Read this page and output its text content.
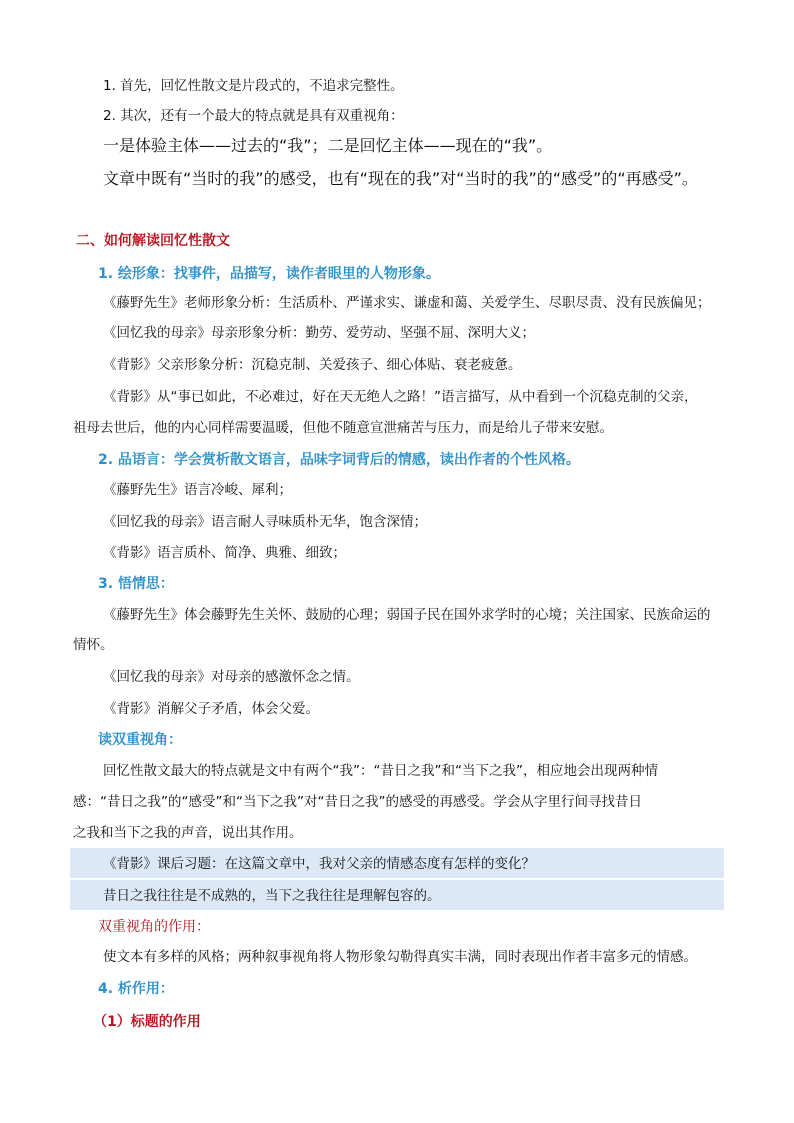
1. 首先，回忆性散文是片段式的，不追求完整性。
2. 其次，还有一个最大的特点就是具有双重视角：
一是体验主体——过去的“我”；二是回忆主体——现在的“我”。
文章中既有“当时的我”的感受，也有“现在的我”对“当时的我”的“感受”的“再感受”。
二、如何解读回忆性散文
1. 绘形象：找事件，品描写，读作者眼里的人物形象。
《藤野先生》老师形象分析：生活质朴、严谨求实、谦虚和蔼、关爱学生、尽职尽责、没有民族偏见；
《回忆我的母亲》母亲形象分析：勤劳、爱劳动、坚强不屈、深明大义；
《背影》父亲形象分析：沉稳克制、关爱孩子、细心体贴、衰老疲惫。
《背影》从“事已如此，不必难过，好在天无绝人之路！”语言描写，从中看到一个沉稳克制的父亲，
祖母去世后，他的内心同样需要温暖，但他不随意宣泄痛苦与压力，而是给儿子带来安慰。
2. 品语言：学会赏析散文语言，品味字词背后的情感，读出作者的个性风格。
《藤野先生》语言冷峻、犀利；
《回忆我的母亲》语言耐人寻味质朴无华，饱含深情；
《背影》语言质朴、简净、典雅、细致；
3. 悟情思：
《藤野先生》体会藤野先生关怀、鼓励的心理；弱国子民在国外求学时的心境；关注国家、民族命运的
情怀。
《回忆我的母亲》对母亲的感激怀念之情。
《背影》消解父子矛盾，体会父爱。
读双重视角：
回忆性散文最大的特点就是文中有两个“我”：“昔日之我”和“当下之我”，相应地会出现两种情
感：“昔日之我”的“感受”和“当下之我”对“昔日之我”的感受的再感受。学会从字里行间寻找昔日
之我和当下之我的声音，说出其作用。
《背影》课后习题：在这篇文章中，我对父亲的情感态度有怎样的变化？
昔日之我往往是不成熟的，当下之我往往是理解包容的。
双重视角的作用：
使文本有多样的风格；两种叙事视角将人物形象勾勒得真实丰满，同时表现出作者丰富多元的情感。
4. 析作用：
（1）标题的作用
